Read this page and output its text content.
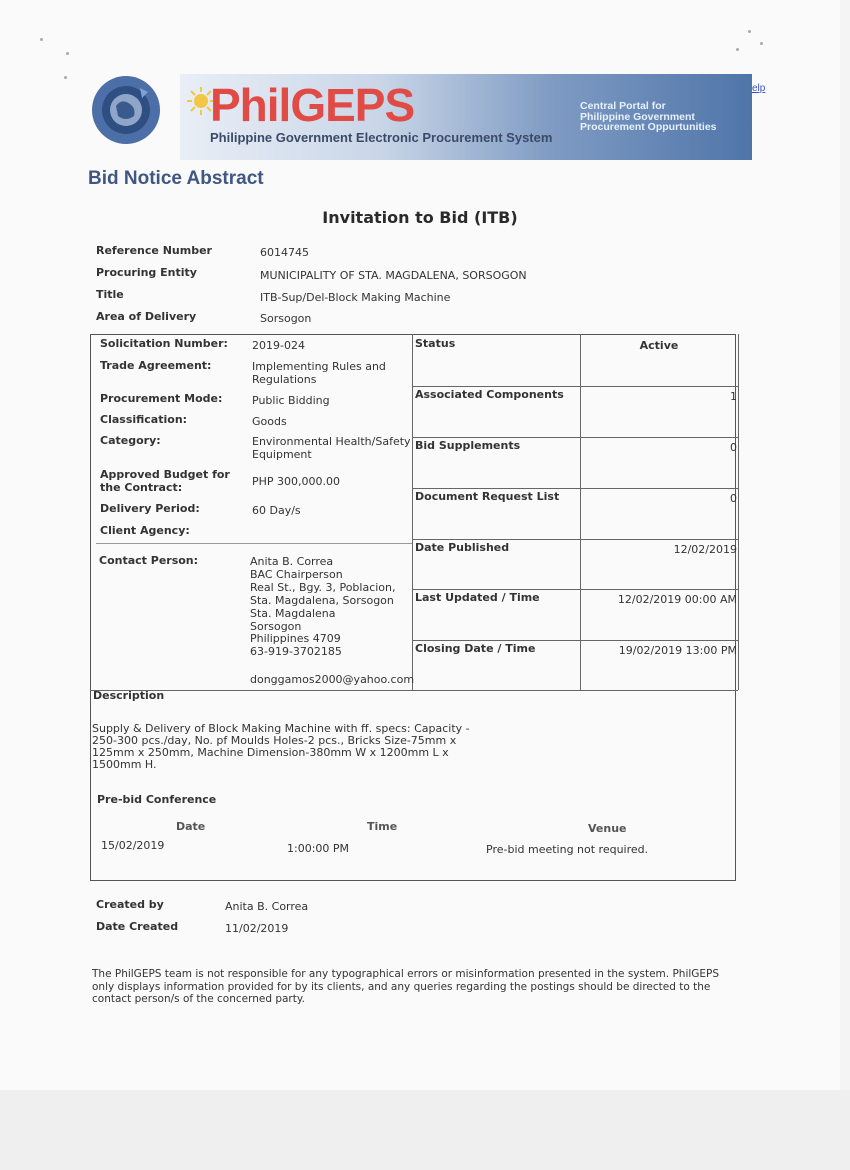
PhilGEPS
Philippine Government Electronic Procurement System
Central Portal for
Philippine Government
Procurement Oppurtunities
elp
Bid Notice Abstract
Invitation to Bid (ITB)
Reference Number	6014745
Procuring Entity	MUNICIPALITY OF STA. MAGDALENA, SORSOGON
Title	ITB-Sup/Del-Block Making Machine
Area of Delivery	Sorsogon
Solicitation Number: 2019-024
Trade Agreement:	Implementing Rules and Regulations
Procurement Mode:	Public Bidding
Classification:	Goods
Category:	Environmental Health/Safety Equipment
Approved Budget for the Contract:	PHP 300,000.00
Delivery Period:	60 Day/s
Client Agency:
Contact Person:	Anita B. Correa
BAC Chairperson
Real St., Bgy. 3, Poblacion,
Sta. Magdalena, Sorsogon
Sta. Magdalena
Sorsogon
Philippines 4709
63-919-3702185
donggamos2000@yahoo.com
Status	Active
Associated Components	1
Bid Supplements	0
Document Request List	0
Date Published	12/02/2019
Last Updated / Time	12/02/2019 00:00 AM
Closing Date / Time	19/02/2019 13:00 PM
Description
Supply & Delivery of Block Making Machine with ff. specs: Capacity -
250-300 pcs./day, No. pf Moulds Holes-2 pcs., Bricks Size-75mm x
125mm x 250mm, Machine Dimension-380mm W x 1200mm L x
1500mm H.
Pre-bid Conference
Date	Time	Venue
15/02/2019	1:00:00 PM	Pre-bid meeting not required.
Created by	Anita B. Correa
Date Created	11/02/2019
The PhilGEPS team is not responsible for any typographical errors or misinformation presented in the system. PhilGEPS only displays information provided for by its clients, and any queries regarding the postings should be directed to the contact person/s of the concerned party.
